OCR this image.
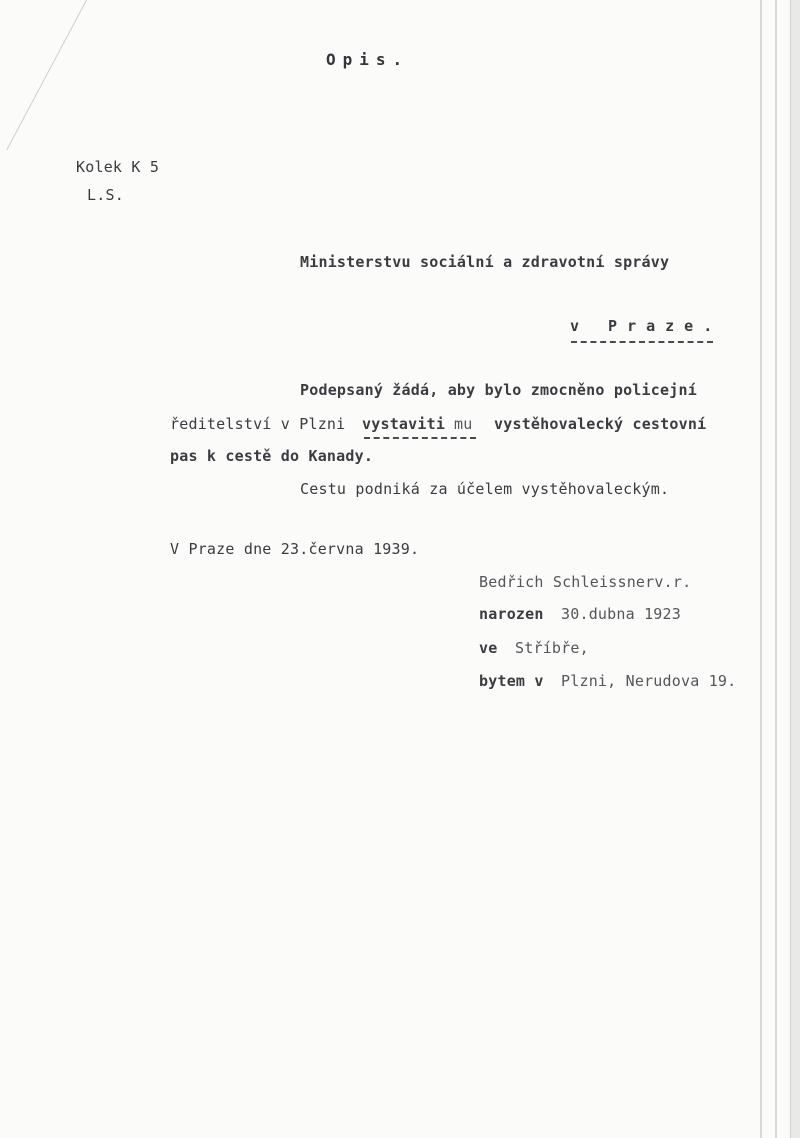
Opis.
Kolek K 5
L.S.
Ministerstvu sociální a zdravotní správy
v Praze.
Podepsaný žádá, aby bylo zmocněno policejní
ředitelství v Plzni vystaviti mu vystěhovalecký cestovní
pas k cestě do Kanady.
Cestu podniká za účelem vystěhovaleckým.
V Praze dne 23.června 1939.
Bedřich Schleissnerv.r.
narozen 30.dubna 1923
ve Stříbře,
bytem v Plzni, Nerudova 19.
